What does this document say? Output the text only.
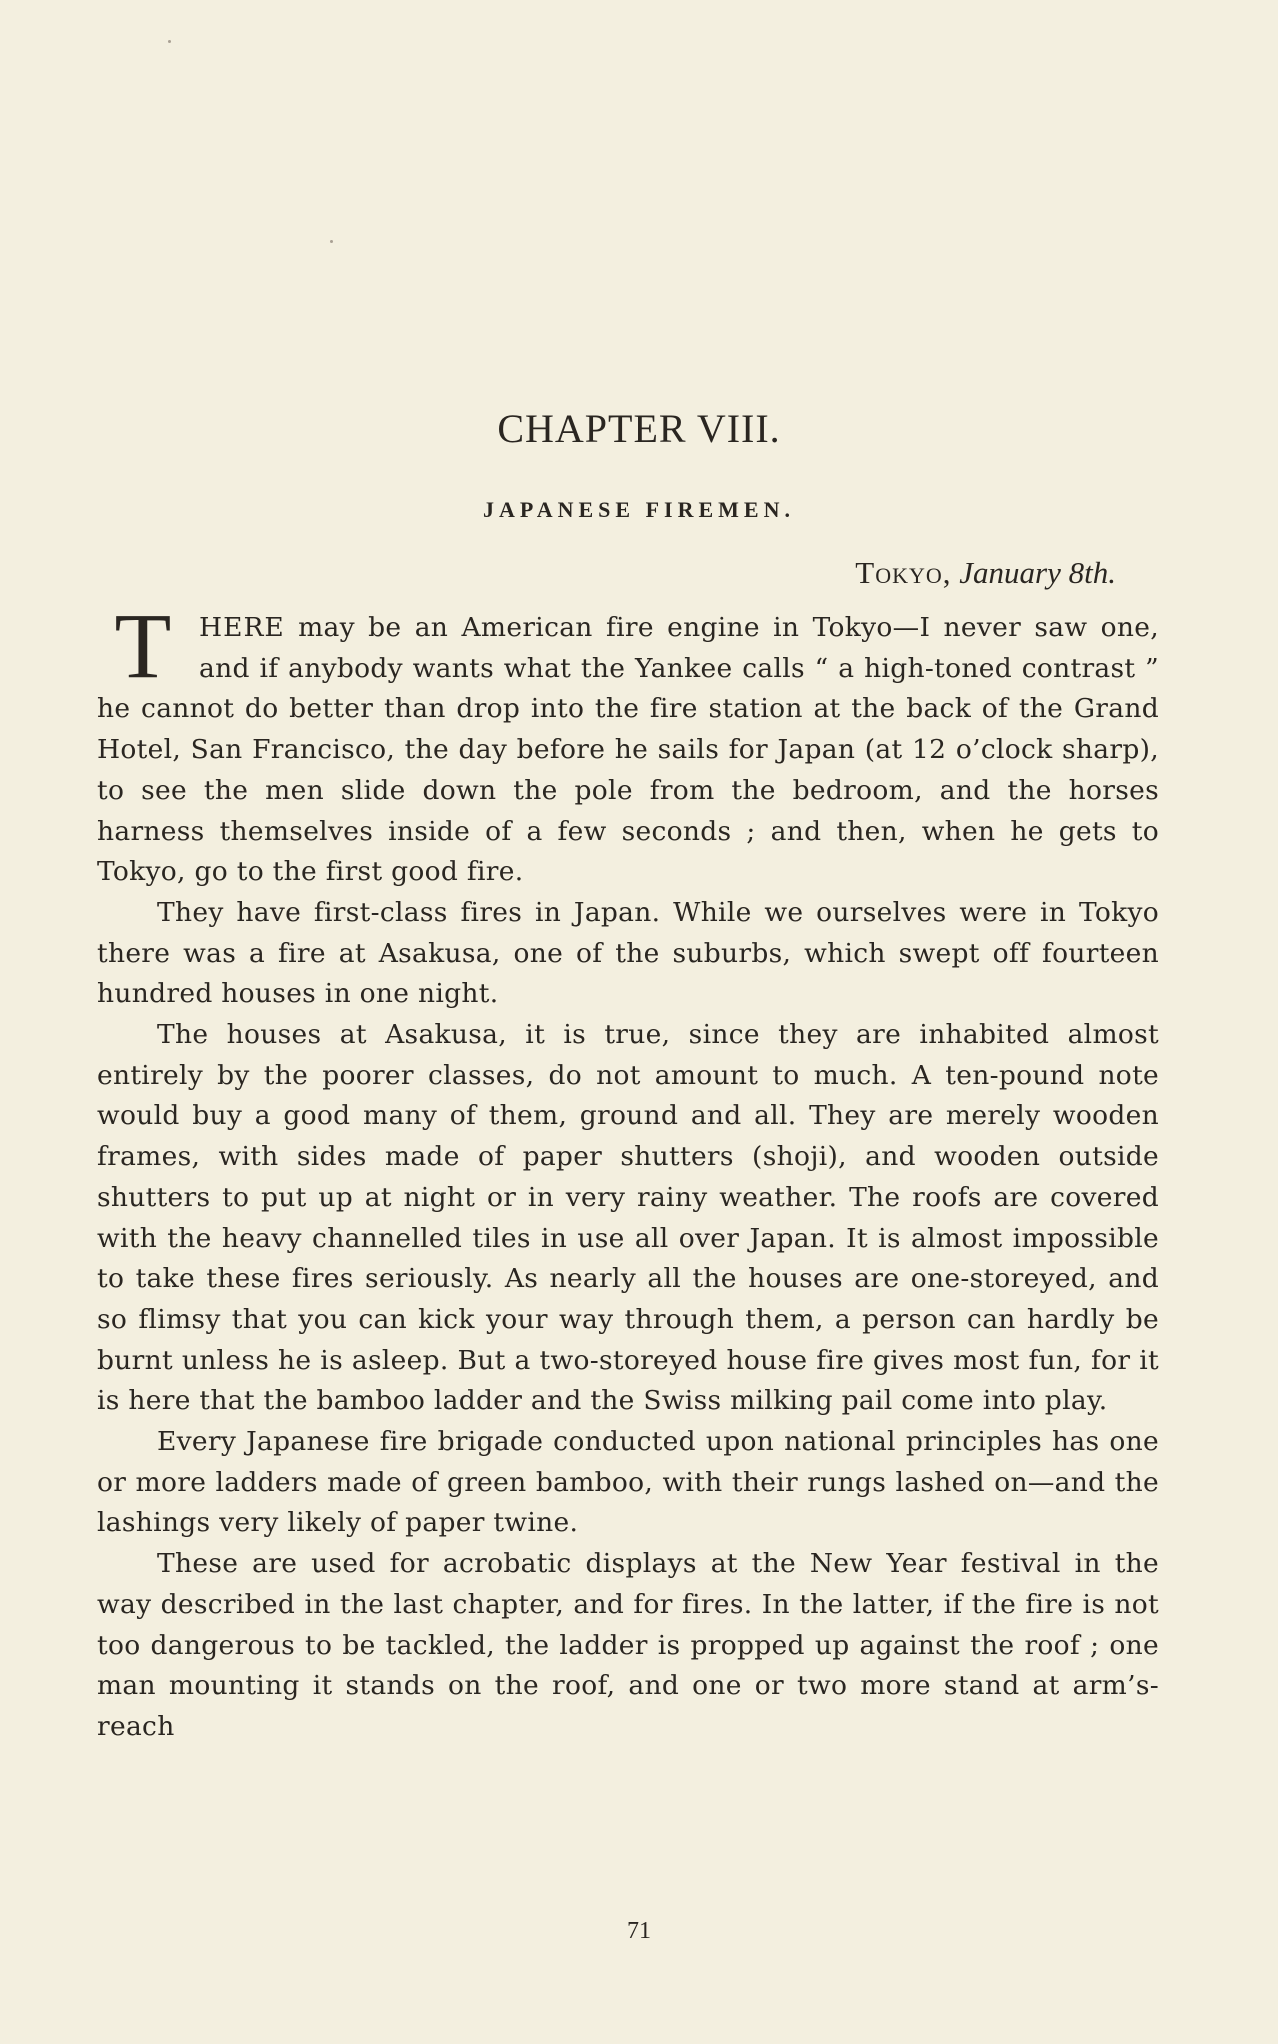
CHAPTER VIII.
JAPANESE FIREMEN.
Tokyo, January 8th.

T	HERE may be an American fire engine in Tokyo—I never saw one, and if anybody wants what the Yankee calls “ a high-toned contrast ” he cannot do better than drop into the fire station at the back of the Grand Hotel, San Francisco, the day before he sails for Japan (at 12 o’clock sharp), to see the men slide down the pole from the bedroom, and the horses harness themselves inside of a few seconds ; and then, when he gets to Tokyo, go to the first good fire.

They have first-class fires in Japan. While we ourselves were in Tokyo there was a fire at Asakusa, one of the suburbs, which swept off fourteen hundred houses in one night.

The houses at Asakusa, it is true, since they are inhabited almost entirely by the poorer classes, do not amount to much. A ten-pound note would buy a good many of them, ground and all. They are merely wooden frames, with sides made of paper shutters (shoji), and wooden outside shutters to put up at night or in very rainy weather. The roofs are covered with the heavy channelled tiles in use all over Japan. It is almost impossible to take these fires seriously. As nearly all the houses are one-storeyed, and so flimsy that you can kick your way through them, a person can hardly be burnt unless he is asleep. But a two-storeyed house fire gives most fun, for it is here that the bamboo ladder and the Swiss milking pail come into play.

Every Japanese fire brigade conducted upon national principles has one or more ladders made of green bamboo, with their rungs lashed on—and the lashings very likely of paper twine.

These are used for acrobatic displays at the New Year festival in the way described in the last chapter, and for fires. In the latter, if the fire is not too dangerous to be tackled, the ladder is propped up against the roof ; one man mounting it stands on the roof, and one or two more stand at arm’s-reach

71
